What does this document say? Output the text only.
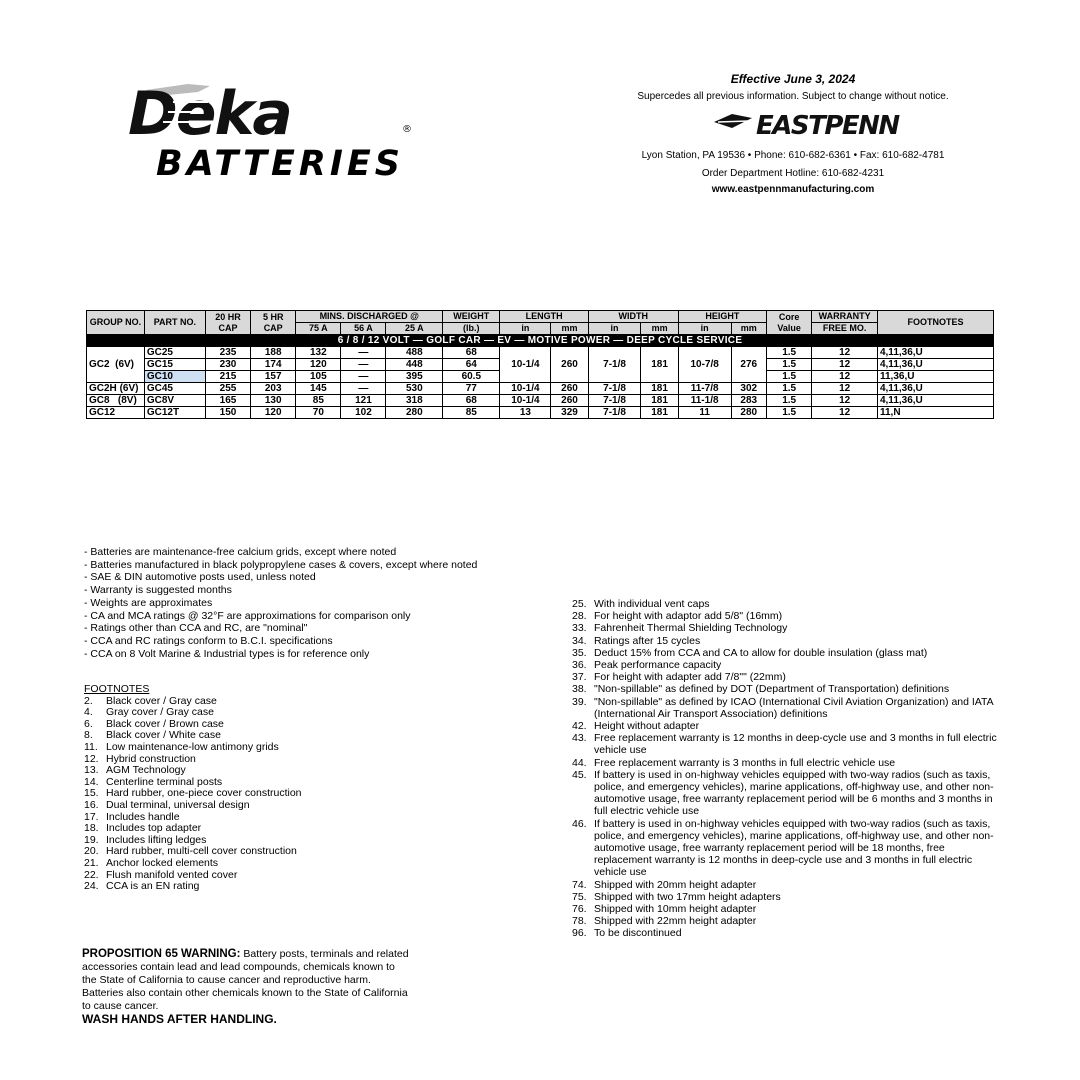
Deka	®
BATTERIES
Effective June 3, 2024
Supercedes all previous information. Subject to change without notice.
EASTPENN
Lyon Station, PA 19536 • Phone: 610-682-6361 • Fax: 610-682-4781
Order Department Hotline: 610-682-4231
www.eastpennmanufacturing.com
GROUP NO.	PART NO.	20 HR CAP	5 HR CAP	MINS. DISCHARGED @			WEIGHT	LENGTH		WIDTH		HEIGHT		Core Value	WARRANTY	FOOTNOTES
				75 A	56 A	25 A	(lb.)	in	mm	in	mm	in	mm		FREE MO.	
6 / 8 / 12 VOLT — GOLF CAR — EV — MOTIVE POWER — DEEP CYCLE SERVICE																
GC2 (6V)	GC25	235	188	132	—	488	68	10-1/4	260	7-1/8	181	10-7/8	276	1.5	12	4,11,36,U
	GC15	230	174	120	—	448	64							1.5	12	4,11,36,U
	GC10	215	157	105	—	395	60.5							1.5	12	11,36,U
GC2H (6V)	GC45	255	203	145	—	530	77	10-1/4	260	7-1/8	181	11-7/8	302	1.5	12	4,11,36,U
GC8 (8V)	GC8V	165	130	85	121	318	68	10-1/4	260	7-1/8	181	11-1/8	283	1.5	12	4,11,36,U
GC12	GC12T	150	120	70	102	280	85	13	329	7-1/8	181	11	280	1.5	12	11,N
- Batteries are maintenance-free calcium grids, except where noted
- Batteries manufactured in black polypropylene cases & covers, except where noted
- SAE & DIN automotive posts used, unless noted
- Warranty is suggested months
- Weights are approximates
- CA and MCA ratings @ 32°F are approximations for comparison only
- Ratings other than CCA and RC, are "nominal"
- CCA and RC ratings conform to B.C.I. specifications
- CCA on 8 Volt Marine & Industrial types is for reference only
FOOTNOTES
2.	Black cover / Gray case
4.	Gray cover / Gray case
6.	Black cover / Brown case
8.	Black cover / White case
11. Low maintenance-low antimony grids
12. Hybrid construction
13. AGM Technology
14. Centerline terminal posts
15. Hard rubber, one-piece cover construction
16. Dual terminal, universal design
17. Includes handle
18. Includes top adapter
19. Includes lifting ledges
20. Hard rubber, multi-cell cover construction
21. Anchor locked elements
22. Flush manifold vented cover
24. CCA is an EN rating
25. With individual vent caps
28. For height with adaptor add 5/8" (16mm)
33. Fahrenheit Thermal Shielding Technology
34. Ratings after 15 cycles
35. Deduct 15% from CCA and CA to allow for double insulation (glass mat)
36. Peak performance capacity
37. For height with adapter add 7/8"" (22mm)
38. "Non-spillable" as defined by DOT (Department of Transportation) definitions
39. "Non-spillable" as defined by ICAO (International Civil Aviation Organization) and IATA (International Air Transport Association) definitions
42. Height without adapter
43. Free replacement warranty is 12 months in deep-cycle use and 3 months in full electric vehicle use
44. Free replacement warranty is 3 months in full electric vehicle use
45. If battery is used in on-highway vehicles equipped with two-way radios (such as taxis, police, and emergency vehicles), marine applications, off-highway use, and other non-automotive usage, free warranty replacement period will be 6 months and 3 months in full electric vehicle use
46. If battery is used in on-highway vehicles equipped with two-way radios (such as taxis, police, and emergency vehicles), marine applications, off-highway use, and other non-automotive usage, free warranty replacement period will be 18 months, free replacement warranty is 12 months in deep-cycle use and 3 months in full electric vehicle use
74. Shipped with 20mm height adapter
75. Shipped with two 17mm height adapters
76. Shipped with 10mm height adapter
78. Shipped with 22mm height adapter
96. To be discontinued
PROPOSITION 65 WARNING: Battery posts, terminals and related accessories contain lead and lead compounds, chemicals known to the State of California to cause cancer and reproductive harm. Batteries also contain other chemicals known to the State of California to cause cancer.
WASH HANDS AFTER HANDLING.
